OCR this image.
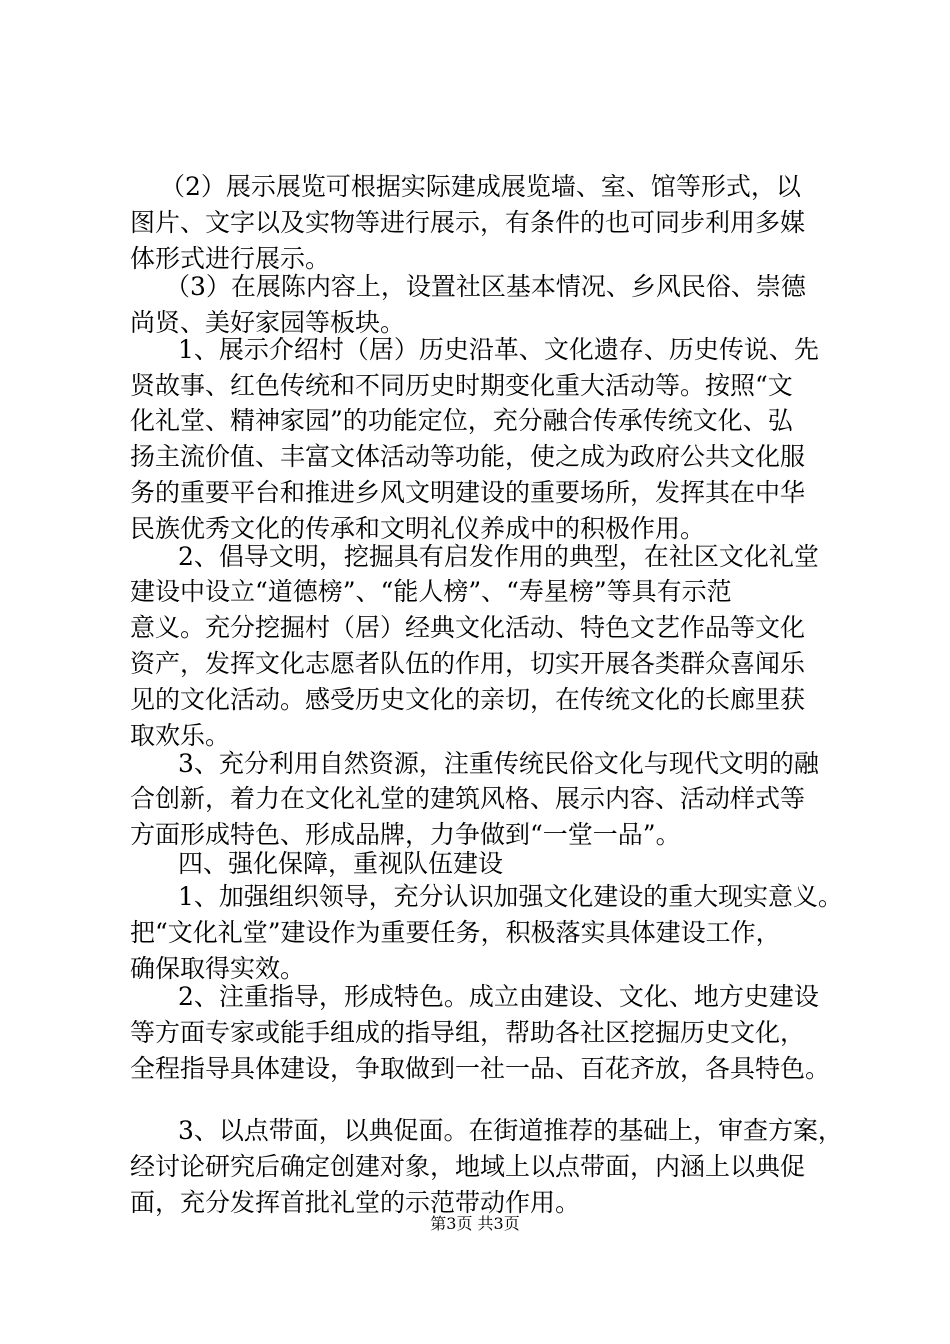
（2）展示展览可根据实际建成展览墙、室、馆等形式，以
图片、文字以及实物等进行展示，有条件的也可同步利用多媒
体形式进行展示。
（3）在展陈内容上，设置社区基本情况、乡风民俗、崇德
尚贤、美好家园等板块。
1、展示介绍村（居）历史沿革、文化遗存、历史传说、先
贤故事、红色传统和不同历史时期变化重大活动等。按照“文
化礼堂、精神家园”的功能定位，充分融合传承传统文化、弘
扬主流价值、丰富文体活动等功能，使之成为政府公共文化服
务的重要平台和推进乡风文明建设的重要场所，发挥其在中华
民族优秀文化的传承和文明礼仪养成中的积极作用。
2、倡导文明，挖掘具有启发作用的典型，在社区文化礼堂
建设中设立“道德榜”、“能人榜”、“寿星榜”等具有示范
意义。充分挖掘村（居）经典文化活动、特色文艺作品等文化
资产，发挥文化志愿者队伍的作用，切实开展各类群众喜闻乐
见的文化活动。感受历史文化的亲切，在传统文化的长廊里获
取欢乐。
3、充分利用自然资源，注重传统民俗文化与现代文明的融
合创新，着力在文化礼堂的建筑风格、展示内容、活动样式等
方面形成特色、形成品牌，力争做到“一堂一品”。
四、强化保障，重视队伍建设
1、加强组织领导，充分认识加强文化建设的重大现实意义。
把“文化礼堂”建设作为重要任务，积极落实具体建设工作，
确保取得实效。
2、注重指导，形成特色。成立由建设、文化、地方史建设
等方面专家或能手组成的指导组，帮助各社区挖掘历史文化，
全程指导具体建设，争取做到一社一品、百花齐放，各具特色。
3、以点带面，以典促面。在街道推荐的基础上，审查方案，
经讨论研究后确定创建对象，地域上以点带面，内涵上以典促
面，充分发挥首批礼堂的示范带动作用。
第3页 共3页
